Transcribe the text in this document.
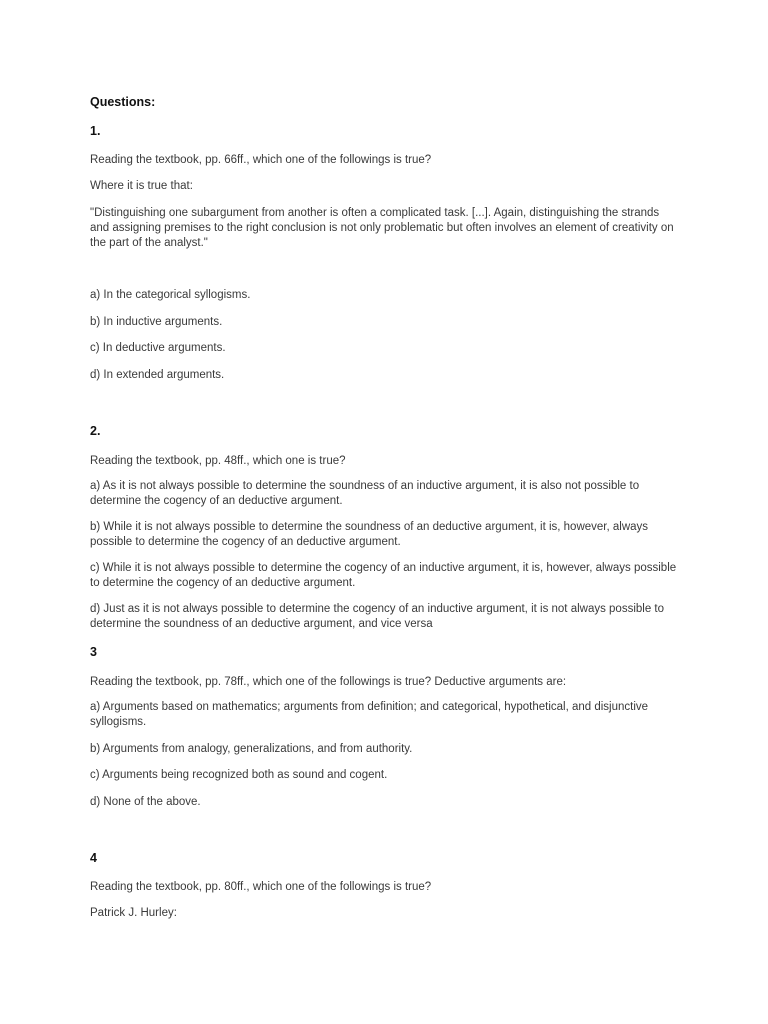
Questions:
1.
Reading the textbook, pp. 66ff., which one of the followings is true?
Where it is true that:
"Distinguishing one subargument from another is often a complicated task. [...]. Again, distinguishing the strands and assigning premises to the right conclusion is not only problematic but often involves an element of creativity on the part of the analyst."
a) In the categorical syllogisms.
b) In inductive arguments.
c) In deductive arguments.
d) In extended arguments.
2.
Reading the textbook, pp. 48ff., which one is true?
a) As it is not always possible to determine the soundness of an inductive argument, it is also not possible to determine the cogency of an deductive argument.
b) While it is not always possible to determine the soundness of an deductive argument, it is, however, always possible to determine the cogency of an deductive argument.
c) While it is not always possible to determine the cogency of an inductive argument, it is, however, always possible to determine the cogency of an deductive argument.
d) Just as it is not always possible to determine the cogency of an inductive argument, it is not always possible to determine the soundness of an deductive argument, and vice versa
3
Reading the textbook, pp. 78ff., which one of the followings is true? Deductive arguments are:
a) Arguments based on mathematics; arguments from definition; and categorical, hypothetical, and disjunctive syllogisms.
b) Arguments from analogy, generalizations, and from authority.
c) Arguments being recognized both as sound and cogent.
d) None of the above.
4
Reading the textbook, pp. 80ff., which one of the followings is true?
Patrick J. Hurley:
